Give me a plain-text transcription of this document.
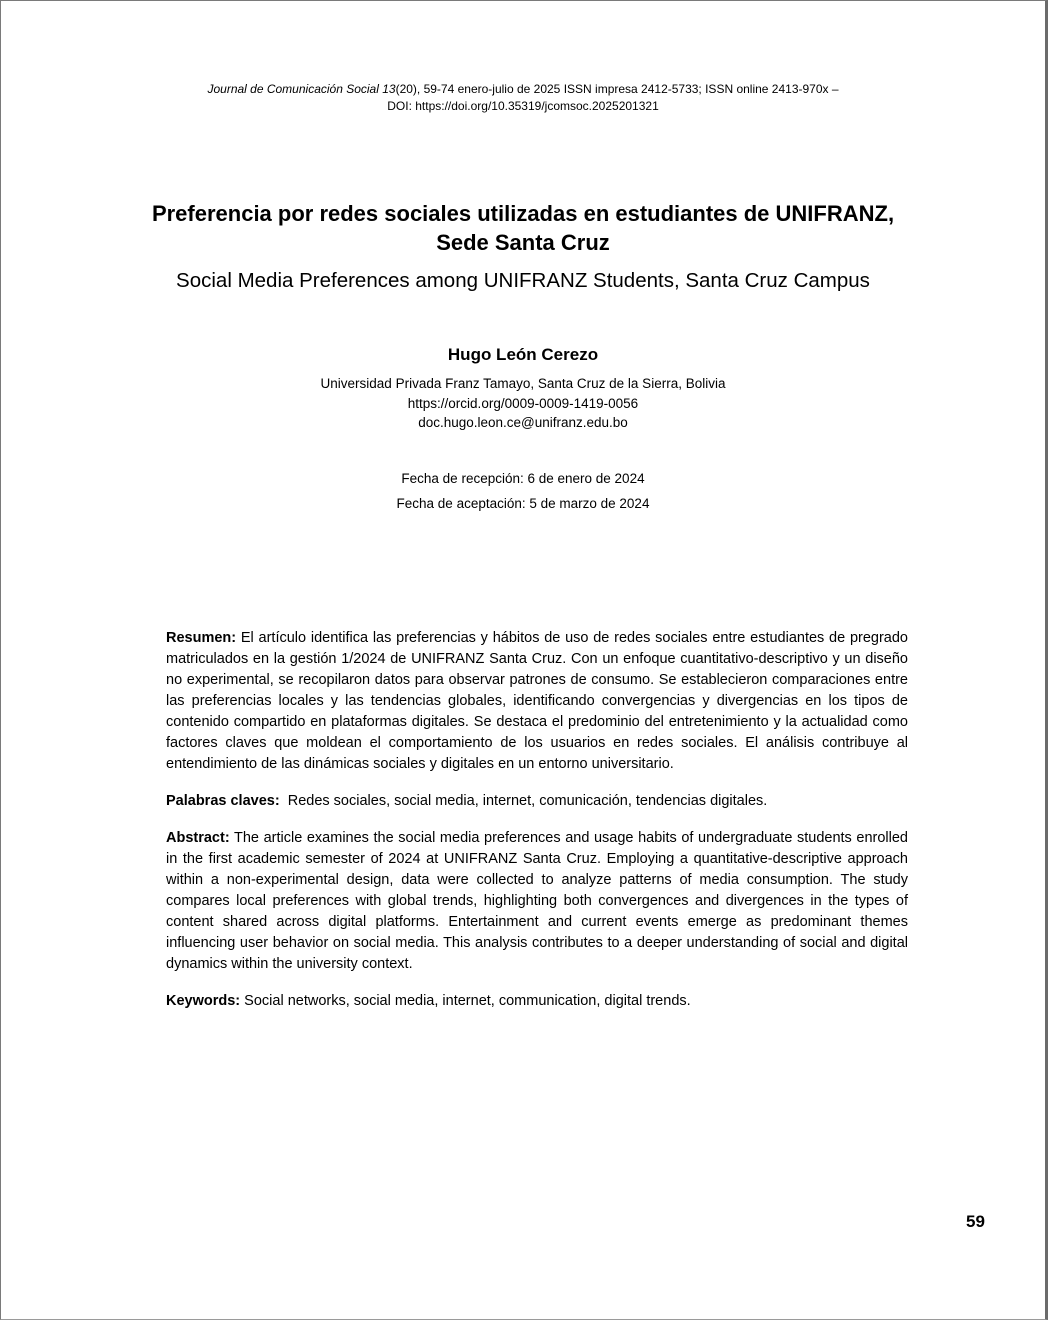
Journal de Comunicación Social 13(20), 59-74 enero-julio de 2025 ISSN impresa 2412-5733; ISSN online 2413-970x –
DOI: https://doi.org/10.35319/jcomsoc.2025201321
Preferencia por redes sociales utilizadas en estudiantes de UNIFRANZ, Sede Santa Cruz
Social Media Preferences among UNIFRANZ Students, Santa Cruz Campus
Hugo León Cerezo
Universidad Privada Franz Tamayo, Santa Cruz de la Sierra, Bolivia
https://orcid.org/0009-0009-1419-0056
doc.hugo.leon.ce@unifranz.edu.bo
Fecha de recepción: 6 de enero de 2024
Fecha de aceptación: 5 de marzo de 2024

Resumen: El artículo identifica las preferencias y hábitos de uso de redes sociales entre estudiantes de pregrado matriculados en la gestión 1/2024 de UNIFRANZ Santa Cruz. Con un enfoque cuantitativo-descriptivo y un diseño no experimental, se recopilaron datos para observar patrones de consumo. Se establecieron comparaciones entre las preferencias locales y las tendencias globales, identificando convergencias y divergencias en los tipos de contenido compartido en plataformas digitales. Se destaca el predominio del entretenimiento y la actualidad como factores claves que moldean el comportamiento de los usuarios en redes sociales. El análisis contribuye al entendimiento de las dinámicas sociales y digitales en un entorno universitario.

Palabras claves: Redes sociales, social media, internet, comunicación, tendencias digitales.

Abstract: The article examines the social media preferences and usage habits of undergraduate students enrolled in the first academic semester of 2024 at UNIFRANZ Santa Cruz. Employing a quantitative-descriptive approach within a non-experimental design, data were collected to analyze patterns of media consumption. The study compares local preferences with global trends, highlighting both convergences and divergences in the types of content shared across digital platforms. Entertainment and current events emerge as predominant themes influencing user behavior on social media. This analysis contributes to a deeper understanding of social and digital dynamics within the university context.

Keywords: Social networks, social media, internet, communication, digital trends.

59
